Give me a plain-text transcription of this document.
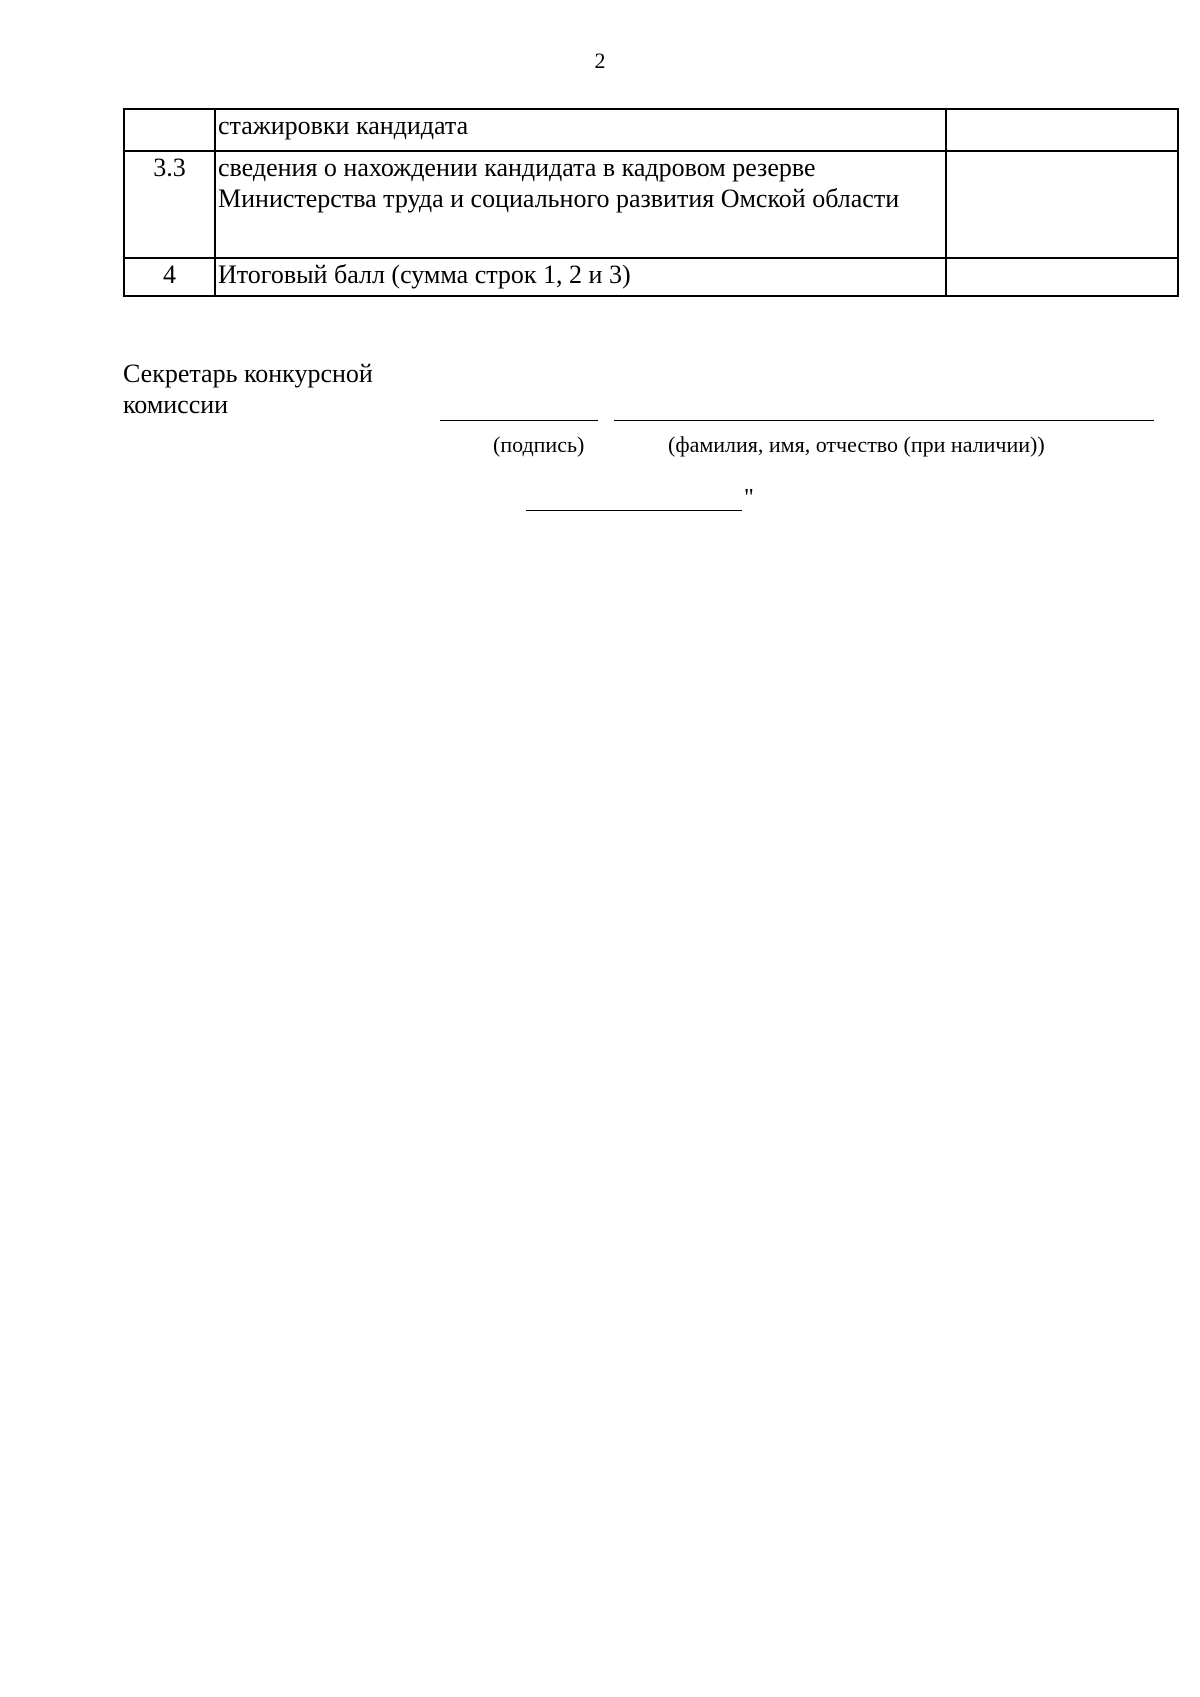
2
	стажировки кандидата	
3.3	сведения о нахождении кандидата в кадровом резерве Министерства труда и социального развития Омской области	
4	Итоговый балл (сумма строк 1, 2 и 3)	
Секретарь конкурсной комиссии
(подпись)	(фамилия, имя, отчество (при наличии))
"
